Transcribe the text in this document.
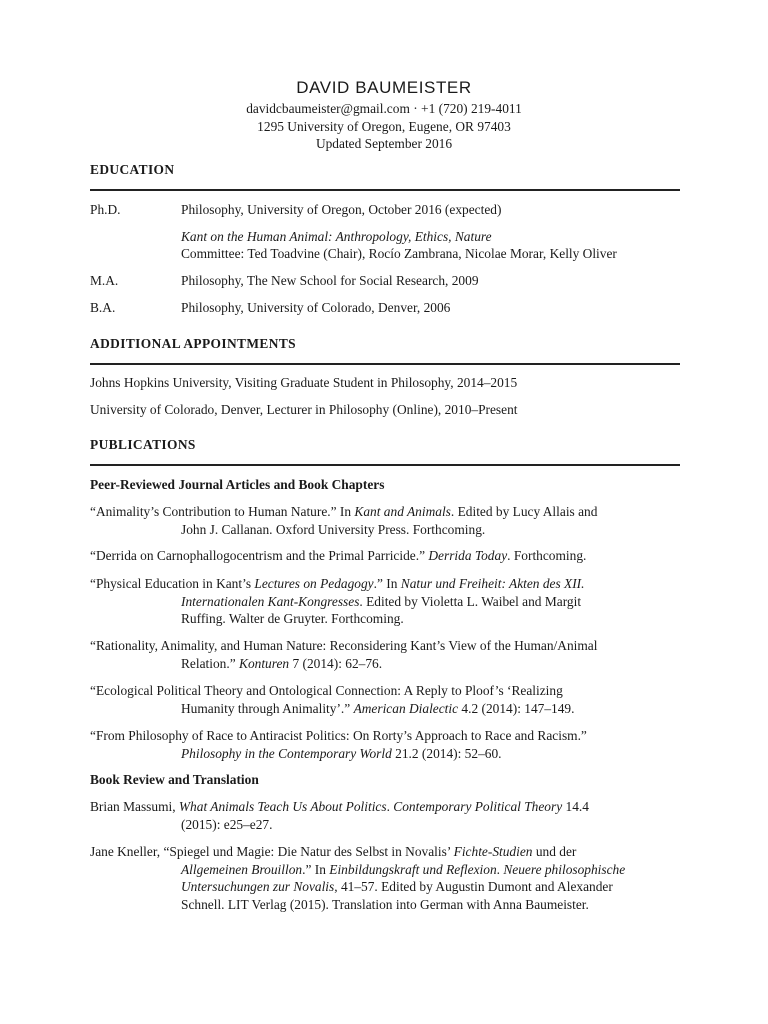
DAVID BAUMEISTER
davidcbaumeister@gmail.com · +1 (720) 219-4011
1295 University of Oregon, Eugene, OR 97403
Updated September 2016
EDUCATION
Ph.D.	Philosophy, University of Oregon, October 2016 (expected)
Kant on the Human Animal: Anthropology, Ethics, Nature
Committee: Ted Toadvine (Chair), Rocío Zambrana, Nicolae Morar, Kelly Oliver
M.A.	Philosophy, The New School for Social Research, 2009
B.A.	Philosophy, University of Colorado, Denver, 2006
ADDITIONAL APPOINTMENTS
Johns Hopkins University, Visiting Graduate Student in Philosophy, 2014–2015
University of Colorado, Denver, Lecturer in Philosophy (Online), 2010–Present
PUBLICATIONS
Peer-Reviewed Journal Articles and Book Chapters
“Animality’s Contribution to Human Nature.” In Kant and Animals. Edited by Lucy Allais and
John J. Callanan. Oxford University Press. Forthcoming.
“Derrida on Carnophallogocentrism and the Primal Parricide.” Derrida Today. Forthcoming.
“Physical Education in Kant’s Lectures on Pedagogy.” In Natur und Freiheit: Akten des XII.
Internationalen Kant-Kongresses. Edited by Violetta L. Waibel and Margit
Ruffing. Walter de Gruyter. Forthcoming.
“Rationality, Animality, and Human Nature: Reconsidering Kant’s View of the Human/Animal
Relation.” Konturen 7 (2014): 62–76.
“Ecological Political Theory and Ontological Connection: A Reply to Ploof’s ‘Realizing
Humanity through Animality’.” American Dialectic 4.2 (2014): 147–149.
“From Philosophy of Race to Antiracist Politics: On Rorty’s Approach to Race and Racism.”
Philosophy in the Contemporary World 21.2 (2014): 52–60.
Book Review and Translation
Brian Massumi, What Animals Teach Us About Politics. Contemporary Political Theory 14.4
(2015): e25–e27.
Jane Kneller, “Spiegel und Magie: Die Natur des Selbst in Novalis’ Fichte-Studien und der
Allgemeinen Brouillon.” In Einbildungskraft und Reflexion. Neuere philosophische
Untersuchungen zur Novalis, 41–57. Edited by Augustin Dumont and Alexander
Schnell. LIT Verlag (2015). Translation into German with Anna Baumeister.
